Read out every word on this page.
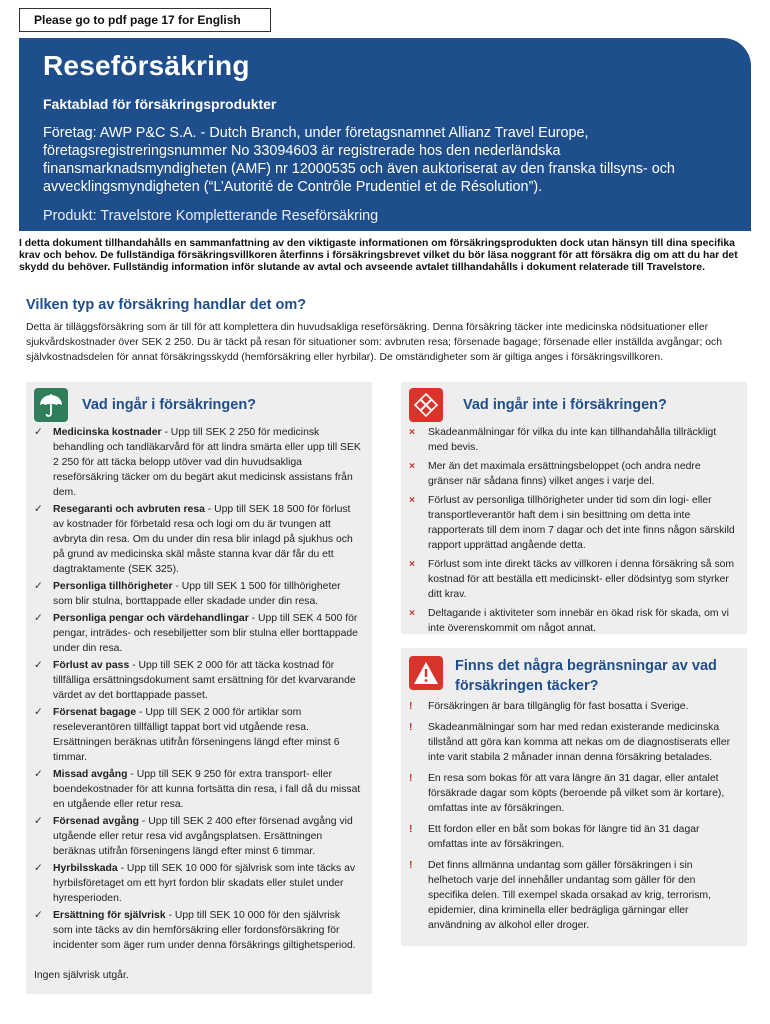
Please go to pdf page 17 for English
Reseförsäkring
Faktablad för försäkringsprodukter
Företag: AWP P&C S.A. - Dutch Branch, under företagsnamnet Allianz Travel Europe, företagsregistreringsnummer No 33094603 är registrerade hos den nederländska finansmarknadsmyndigheten (AMF) nr 12000535 och även auktoriserat av den franska tillsyns- och avvecklingsmyndigheten (“L’Autorité de Contrôle Prudentiel et de Résolution”).
Produkt: Travelstore Kompletterande Reseförsäkring
I detta dokument tillhandahålls en sammanfattning av den viktigaste informationen om försäkringsprodukten dock utan hänsyn till dina specifika krav och behov. De fullständiga försäkringsvillkoren återfinns i försäkringsbrevet vilket du bör läsa noggrant för att försäkra dig om att du har det skydd du behöver. Fullständig information inför slutande av avtal och avseende avtalet tillhandahålls i dokument relaterade till Travelstore.
Vilken typ av försäkring handlar det om?
Detta är tilläggsförsäkring som är till för att komplettera din huvudsakliga reseförsäkring. Denna försäkring täcker inte medicinska nödsituationer eller sjukvårdskostnader över SEK 2 250. Du är täckt på resan för situationer som: avbruten resa; försenade bagage; försenade eller inställda avgångar; och självkostnadsdelen för annat försäkringsskydd (hemförsäkring eller hyrbilar). De omständigheter som är giltiga anges i försäkringsvillkoren.
Vad ingår i försäkringen?
✓ Medicinska kostnader - Upp till SEK 2 250 för medicinsk behandling och tandläkarvård för att lindra smärta eller upp till SEK 2 250 för att täcka belopp utöver vad din huvudsakliga reseförsäkring täcker om du begärt akut medicinsk assistans från dem.
✓ Resegaranti och avbruten resa - Upp till SEK 18 500 för förlust av kostnader för förbetald resa och logi om du är tvungen att avbryta din resa. Om du under din resa blir inlagd på sjukhus och på grund av medicinska skäl måste stanna kvar där får du ett dagtraktamente (SEK 325).
✓ Personliga tillhörigheter - Upp till SEK 1 500 för tillhörigheter som blir stulna, borttappade eller skadade under din resa.
✓ Personliga pengar och värdehandlingar - Upp till SEK 4 500 för pengar, inträdes- och resebiljetter som blir stulna eller borttappade under din resa.
✓ Förlust av pass - Upp till SEK 2 000 för att täcka kostnad för tillfälliga ersättningsdokument samt ersättning för det kvarvarande värdet av det borttappade passet.
✓ Försenat bagage - Upp till SEK 2 000 för artiklar som reseleverantören tillfälligt tappat bort vid utgående resa. Ersättningen beräknas utifrån förseningens längd efter minst 6 timmar.
✓ Missad avgång - Upp till SEK 9 250 för extra transport- eller boendekostnader för att kunna fortsätta din resa, i fall då du missat en utgående eller retur resa.
✓ Försenad avgång - Upp till SEK 2 400 efter försenad avgång vid utgående eller retur resa vid avgångsplatsen. Ersättningen beräknas utifrån förseningens längd efter minst 6 timmar.
✓ Hyrbilsskada - Upp till SEK 10 000 för självrisk som inte täcks av hyrbilsföretaget om ett hyrt fordon blir skadats eller stulet under hyresperioden.
✓ Ersättning för självrisk - Upp till SEK 10 000 för den självrisk som inte täcks av din hemförsäkring eller fordonsförsäkring för incidenter som äger rum under denna försäkrings giltighetsperiod.
Ingen självrisk utgår.
Vad ingår inte i försäkringen?
× Skadeanmälningar för vilka du inte kan tillhandahålla tillräckligt med bevis.
× Mer än det maximala ersättningsbeloppet (och andra nedre gränser när sådana finns) vilket anges i varje del.
× Förlust av personliga tillhörigheter under tid som din logi- eller transportleverantör haft dem i sin besittning om detta inte rapporterats till dem inom 7 dagar och det inte finns någon särskild rapport upprättad angående detta.
× Förlust som inte direkt täcks av villkoren i denna försäkring så som kostnad för att beställa ett medicinskt- eller dödsintyg som styrker ditt krav.
× Deltagande i aktiviteter som innebär en ökad risk för skada, om vi inte överenskommit om något annat.
Finns det några begränsningar av vad försäkringen täcker?
! Försäkringen är bara tillgänglig för fast bosatta i Sverige.
! Skadeanmälningar som har med redan existerande medicinska tillstånd att göra kan komma att nekas om de diagnostiserats eller inte varit stabila 2 månader innan denna försäkring betalades.
! En resa som bokas för att vara längre än 31 dagar, eller antalet försäkrade dagar som köpts (beroende på vilket som är kortare), omfattas inte av försäkringen.
! Ett fordon eller en båt som bokas för längre tid än 31 dagar omfattas inte av försäkringen.
! Det finns allmänna undantag som gäller försäkringen i sin helhetoch varje del innehåller undantag som gäller för den specifika delen. Till exempel skada orsakad av krig, terrorism, epidemier, dina kriminella eller bedrägliga gärningar eller användning av alkohol eller droger.
